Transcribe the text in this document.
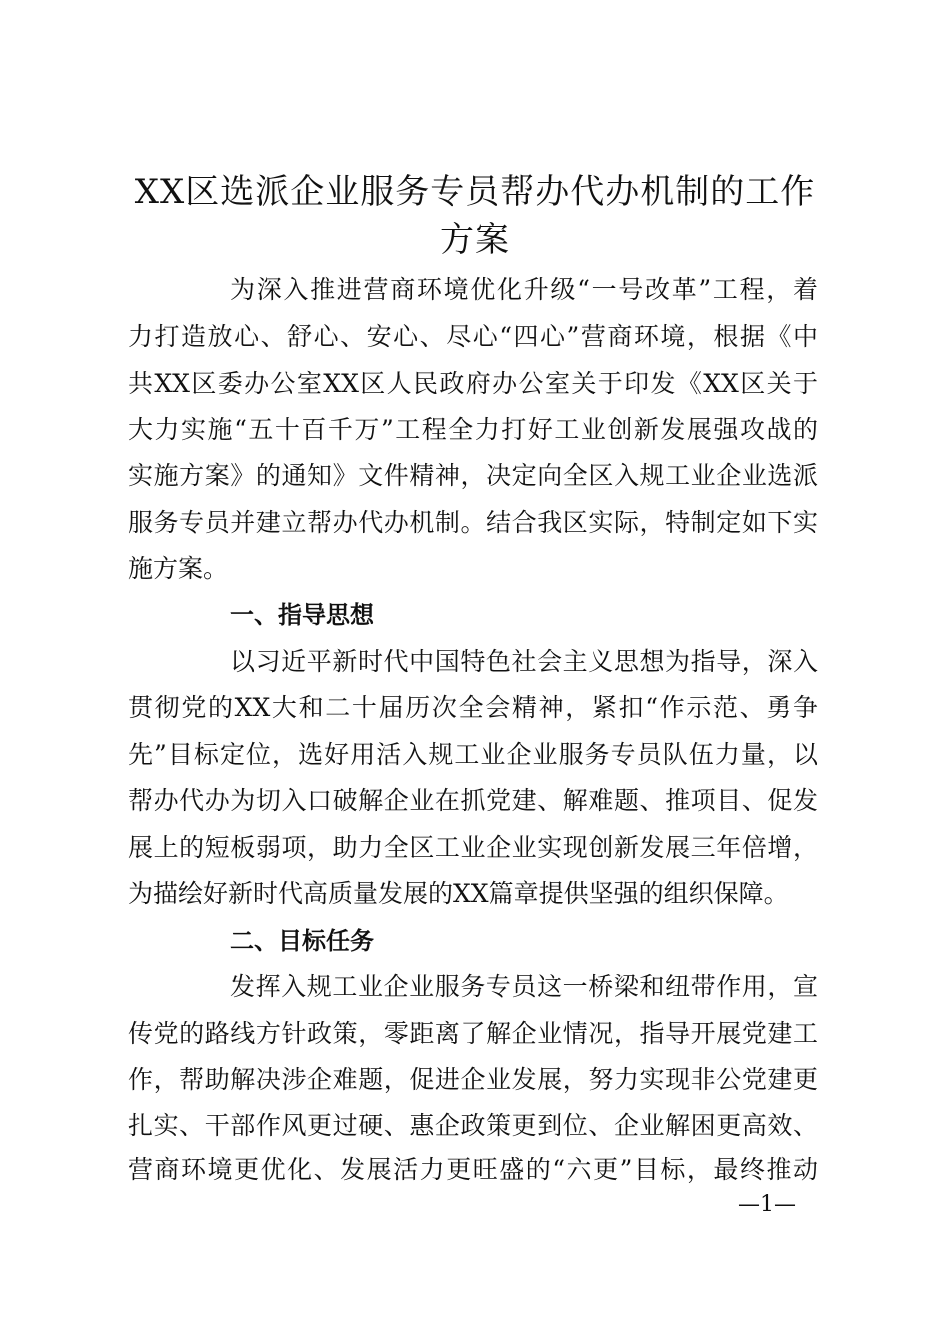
XX区选派企业服务专员帮办代办机制的工作
方案
为深入推进营商环境优化升级“一号改革”工程，着
力打造放心、舒心、安心、尽心“四心”营商环境，根据《中
共XX区委办公室XX区人民政府办公室关于印发《XX区关于
大力实施“五十百千万”工程全力打好工业创新发展强攻战的
实施方案》的通知》文件精神，决定向全区入规工业企业选派
服务专员并建立帮办代办机制。结合我区实际，特制定如下实
施方案。
一、指导思想
以习近平新时代中国特色社会主义思想为指导，深入
贯彻党的XX大和二十届历次全会精神，紧扣“作示范、勇争
先”目标定位，选好用活入规工业企业服务专员队伍力量，以
帮办代办为切入口破解企业在抓党建、解难题、推项目、促发
展上的短板弱项，助力全区工业企业实现创新发展三年倍增，
为描绘好新时代高质量发展的XX篇章提供坚强的组织保障。
二、目标任务
发挥入规工业企业服务专员这一桥梁和纽带作用，宣
传党的路线方针政策，零距离了解企业情况，指导开展党建工
作，帮助解决涉企难题，促进企业发展，努力实现非公党建更
扎实、干部作风更过硬、惠企政策更到位、企业解困更高效、
营商环境更优化、发展活力更旺盛的“六更”目标，最终推动
—1—
